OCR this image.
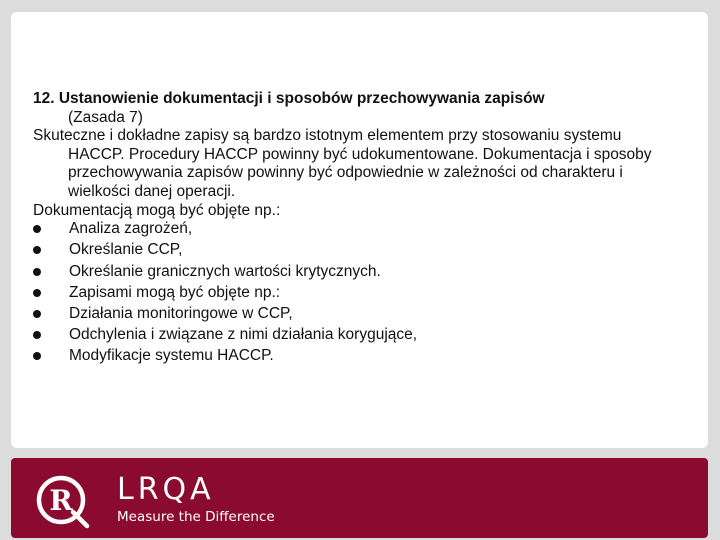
12. Ustanowienie dokumentacji i sposobów przechowywania zapisów
(Zasada 7)

Skuteczne i dokładne zapisy są bardzo istotnym elementem przy stosowaniu systemu HACCP. Procedury HACCP powinny być udokumentowane. Dokumentacja i sposoby przechowywania zapisów powinny być odpowiednie w zależności od charakteru i wielkości danej operacji.

Dokumentacją mogą być objęte np.:

Analiza zagrożeń,
Określanie CCP,
Określanie granicznych wartości krytycznych.
Zapisami mogą być objęte np.:
Działania monitoringowe w CCP,
Odchylenia i związane z nimi działania korygujące,
Modyfikacje systemu HACCP.
R LRQA
Measure the Difference
